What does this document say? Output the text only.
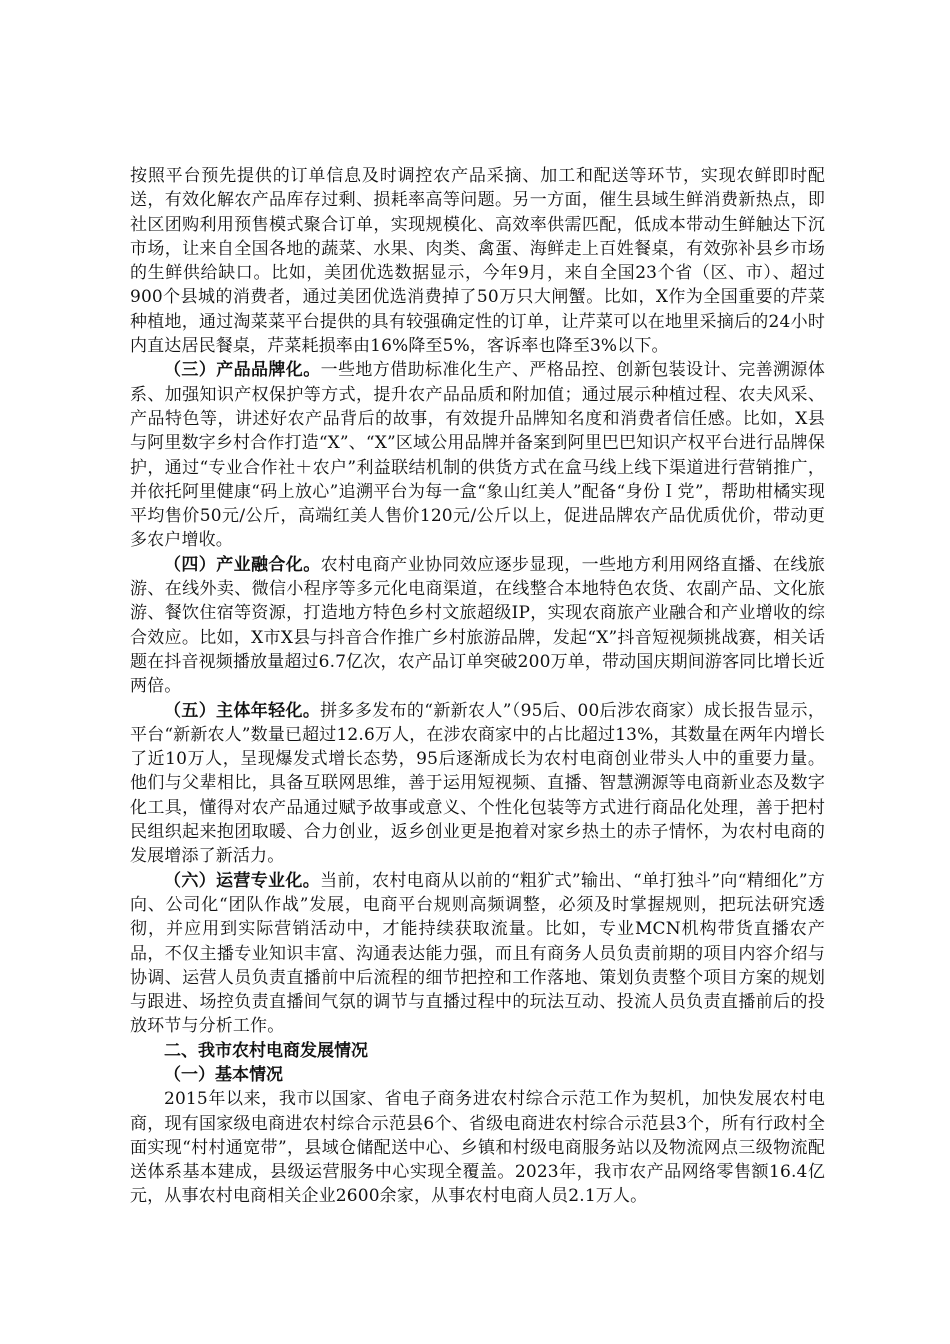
按照平台预先提供的订单信息及时调控农产品采摘、加工和配送等环节，实现农鲜即时配送，有效化解农产品库存过剩、损耗率高等问题。另一方面，催生县域生鲜消费新热点，即社区团购利用预售模式聚合订单，实现规模化、高效率供需匹配，低成本带动生鲜触达下沉市场，让来自全国各地的蔬菜、水果、肉类、禽蛋、海鲜走上百姓餐桌，有效弥补县乡市场的生鲜供给缺口。比如，美团优选数据显示，今年9月，来自全国23个省（区、市）、超过900个县城的消费者，通过美团优选消费掉了50万只大闸蟹。比如，X作为全国重要的芹菜种植地，通过淘菜菜平台提供的具有较强确定性的订单，让芹菜可以在地里采摘后的24小时内直达居民餐桌，芹菜耗损率由16%降至5%，客诉率也降至3%以下。

（三）产品品牌化。一些地方借助标准化生产、严格品控、创新包装设计、完善溯源体系、加强知识产权保护等方式，提升农产品品质和附加值；通过展示种植过程、农夫风采、产品特色等，讲述好农产品背后的故事，有效提升品牌知名度和消费者信任感。比如，X县与阿里数字乡村合作打造“X”、“X”区域公用品牌并备案到阿里巴巴知识产权平台进行品牌保护，通过“专业合作社＋农户”利益联结机制的供货方式在盒马线上线下渠道进行营销推广，并依托阿里健康“码上放心”追溯平台为每一盒“象山红美人”配备“身份Ｉ党”，帮助柑橘实现平均售价50元/公斤，高端红美人售价120元/公斤以上，促进品牌农产品优质优价，带动更多农户增收。

（四）产业融合化。农村电商产业协同效应逐步显现，一些地方利用网络直播、在线旅游、在线外卖、微信小程序等多元化电商渠道，在线整合本地特色农货、农副产品、文化旅游、餐饮住宿等资源，打造地方特色乡村文旅超级IP，实现农商旅产业融合和产业增收的综合效应。比如，X市X县与抖音合作推广乡村旅游品牌，发起“X”抖音短视频挑战赛，相关话题在抖音视频播放量超过6.7亿次，农产品订单突破200万单，带动国庆期间游客同比增长近两倍。

（五）主体年轻化。拼多多发布的“新新农人”（95后、00后涉农商家）成长报告显示，平台“新新农人”数量已超过12.6万人，在涉农商家中的占比超过13%，其数量在两年内增长了近10万人，呈现爆发式增长态势，95后逐渐成长为农村电商创业带头人中的重要力量。他们与父辈相比，具备互联网思维，善于运用短视频、直播、智慧溯源等电商新业态及数字化工具，懂得对农产品通过赋予故事或意义、个性化包装等方式进行商品化处理，善于把村民组织起来抱团取暖、合力创业，返乡创业更是抱着对家乡热土的赤子情怀，为农村电商的发展增添了新活力。

（六）运营专业化。当前，农村电商从以前的“粗犷式”输出、“单打独斗”向“精细化”方向、公司化“团队作战”发展，电商平台规则高频调整，必须及时掌握规则，把玩法研究透彻，并应用到实际营销活动中，才能持续获取流量。比如，专业MCN机构带货直播农产品，不仅主播专业知识丰富、沟通表达能力强，而且有商务人员负责前期的项目内容介绍与协调、运营人员负责直播前中后流程的细节把控和工作落地、策划负责整个项目方案的规划与跟进、场控负责直播间气氛的调节与直播过程中的玩法互动、投流人员负责直播前后的投放环节与分析工作。

二、我市农村电商发展情况
（一）基本情况

2015年以来，我市以国家、省电子商务进农村综合示范工作为契机，加快发展农村电商，现有国家级电商进农村综合示范县6个、省级电商进农村综合示范县3个，所有行政村全面实现“村村通宽带”，县域仓储配送中心、乡镇和村级电商服务站以及物流网点三级物流配送体系基本建成，县级运营服务中心实现全覆盖。2023年，我市农产品网络零售额16.4亿元，从事农村电商相关企业2600余家，从事农村电商人员2.1万人。
